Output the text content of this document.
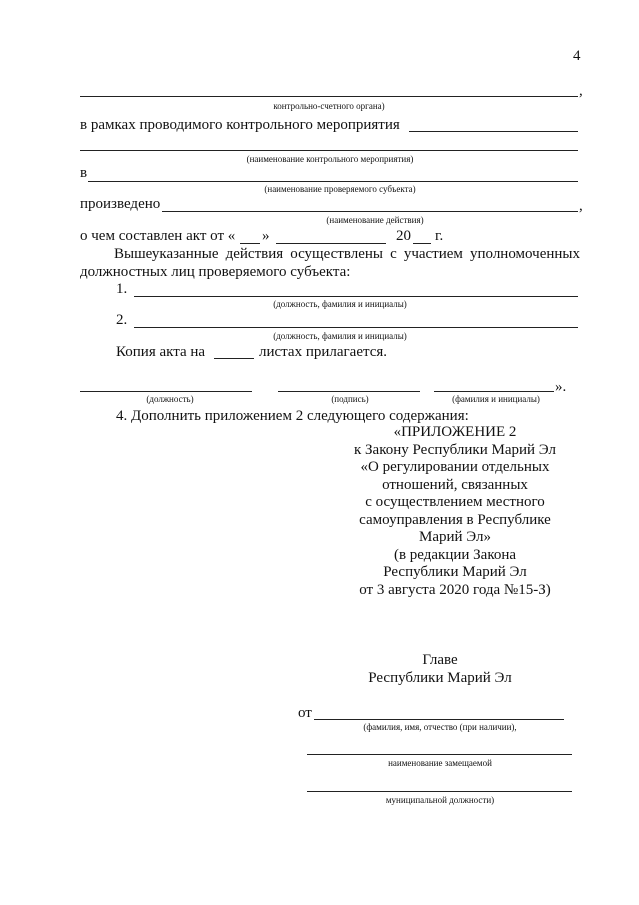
4
,
контрольно-счетного органа)
в рамках проводимого контрольного мероприятия
(наименование контрольного мероприятия)
в
(наименование проверяемого субъекта)
произведено	,
(наименование действия)
о чем составлен акт от « »	20 г.
Вышеуказанные действия осуществлены с участием уполномоченных
должностных лиц проверяемого субъекта:
1.
(должность, фамилия и инициалы)
2.
(должность, фамилия и инициалы)
Копия акта на	листах прилагается.
».
(должность)	(подпись)	(фамилия и инициалы)
4. Дополнить приложением 2 следующего содержания:
«ПРИЛОЖЕНИЕ 2
к Закону Республики Марий Эл
«О регулировании отдельных
отношений, связанных
с осуществлением местного
самоуправления в Республике
Марий Эл»
(в редакции Закона
Республики Марий Эл
от 3 августа 2020 года №15-З)
Главе
Республики Марий Эл
от
(фамилия, имя, отчество (при наличии),
наименование замещаемой
муниципальной должности)
